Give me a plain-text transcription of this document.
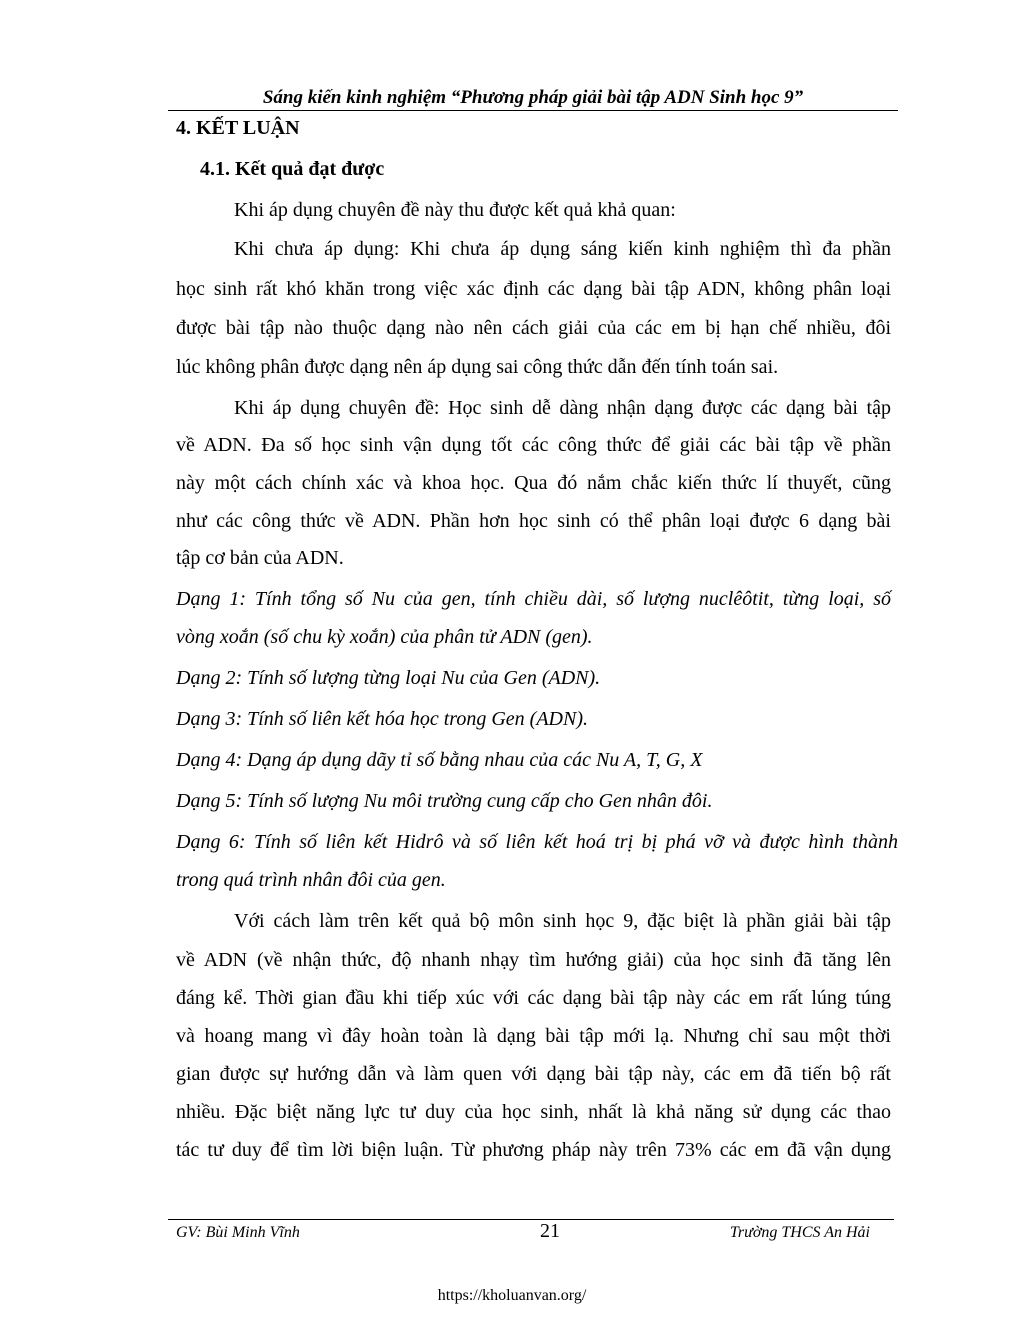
Sáng kiến kinh nghiệm “Phương pháp giải bài tập ADN Sinh học 9”
4. KẾT LUẬN
4.1. Kết quả đạt được
Khi áp dụng chuyên đề này thu được kết quả khả quan:
Khi chưa áp dụng: Khi chưa áp dụng sáng kiến kinh nghiệm thì đa phần
học sinh rất khó khăn trong việc xác định các dạng bài tập ADN, không phân loại
được bài tập nào thuộc dạng nào nên cách giải của các em bị hạn chế nhiều, đôi
lúc không phân được dạng nên áp dụng sai công thức dẫn đến tính toán sai.
Khi áp dụng chuyên đề: Học sinh dễ dàng nhận dạng được các dạng bài tập
về ADN. Đa số học sinh vận dụng tốt các công thức để giải các bài tập về phần
này một cách chính xác và khoa học. Qua đó nắm chắc kiến thức lí thuyết, cũng
như các công thức về ADN. Phần hơn học sinh có thể phân loại được 6 dạng bài
tập cơ bản của ADN.
Dạng 1: Tính tổng số Nu của gen, tính chiều dài, số lượng nuclêôtit, từng loại, số
vòng xoắn (số chu kỳ xoắn) của phân tử ADN (gen).
Dạng 2: Tính số lượng từng loại Nu của Gen (ADN).
Dạng 3: Tính số liên kết hóa học trong Gen (ADN).
Dạng 4: Dạng áp dụng dãy tỉ số bằng nhau của các Nu A, T, G, X
Dạng 5: Tính số lượng Nu môi trường cung cấp cho Gen nhân đôi.
Dạng 6: Tính số liên kết Hidrô và số liên kết hoá trị bị phá vỡ và được hình thành
trong quá trình nhân đôi của gen.
Với cách làm trên kết quả bộ môn sinh học 9, đặc biệt là phần giải bài tập
về ADN (về nhận thức, độ nhanh nhạy tìm hướng giải) của học sinh đã tăng lên
đáng kể. Thời gian đầu khi tiếp xúc với các dạng bài tập này các em rất lúng túng
và hoang mang vì đây hoàn toàn là dạng bài tập mới lạ. Nhưng chỉ sau một thời
gian được sự hướng dẫn và làm quen với dạng bài tập này, các em đã tiến bộ rất
nhiều. Đặc biệt năng lực tư duy của học sinh, nhất là khả năng sử dụng các thao
tác tư duy để tìm lời biện luận. Từ phương pháp này trên 73% các em đã vận dụng
GV: Bùi Minh Vĩnh	21	Trường THCS An Hải
https://kholuanvan.org/
